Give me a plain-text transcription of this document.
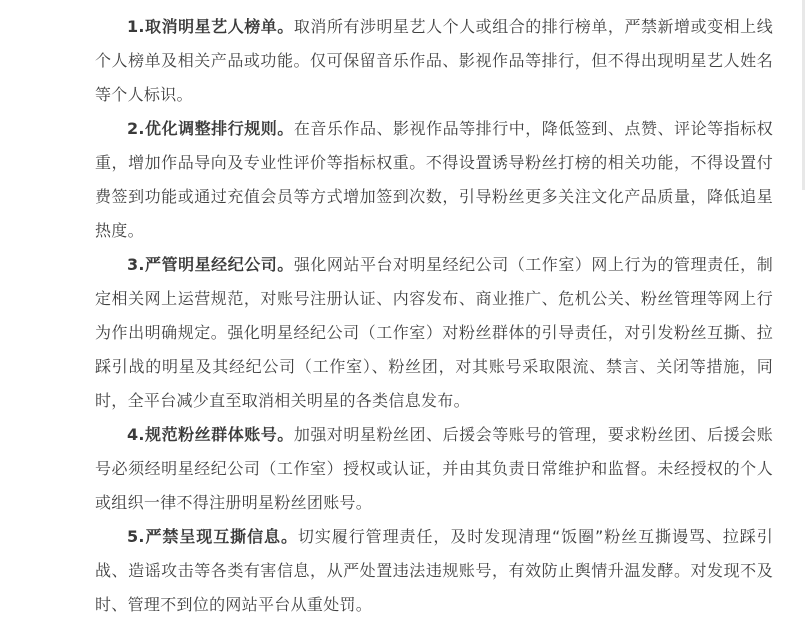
1.取消明星艺人榜单。取消所有涉明星艺人个人或组合的排行榜单，严禁新增或变相上线个人榜单及相关产品或功能。仅可保留音乐作品、影视作品等排行，但不得出现明星艺人姓名等个人标识。

2.优化调整排行规则。在音乐作品、影视作品等排行中，降低签到、点赞、评论等指标权重，增加作品导向及专业性评价等指标权重。不得设置诱导粉丝打榜的相关功能，不得设置付费签到功能或通过充值会员等方式增加签到次数，引导粉丝更多关注文化产品质量，降低追星热度。

3.严管明星经纪公司。强化网站平台对明星经纪公司（工作室）网上行为的管理责任，制定相关网上运营规范，对账号注册认证、内容发布、商业推广、危机公关、粉丝管理等网上行为作出明确规定。强化明星经纪公司（工作室）对粉丝群体的引导责任，对引发粉丝互撕、拉踩引战的明星及其经纪公司（工作室）、粉丝团，对其账号采取限流、禁言、关闭等措施，同时，全平台减少直至取消相关明星的各类信息发布。

4.规范粉丝群体账号。加强对明星粉丝团、后援会等账号的管理，要求粉丝团、后援会账号必须经明星经纪公司（工作室）授权或认证，并由其负责日常维护和监督。未经授权的个人或组织一律不得注册明星粉丝团账号。

5.严禁呈现互撕信息。切实履行管理责任，及时发现清理“饭圈”粉丝互撕谩骂、拉踩引战、造谣攻击等各类有害信息，从严处置违法违规账号，有效防止舆情升温发酵。对发现不及时、管理不到位的网站平台从重处罚。
